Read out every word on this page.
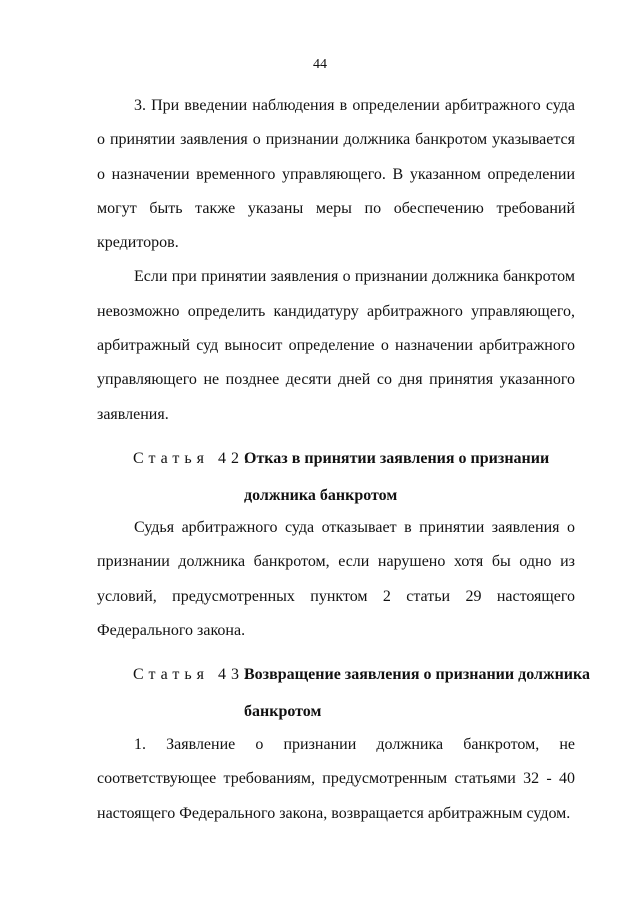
44

3. При введении наблюдения в определении арбитражного суда о принятии заявления о признании должника банкротом указывается о назначении временного управляющего. В указанном определении могут быть также указаны меры по обеспечению требований кредиторов.

Если при принятии заявления о признании должника банкротом невозможно определить кандидатуру арбитражного управляющего, арбитражный суд выносит определение о назначении арбитражного управляющего не позднее десяти дней со дня принятия указанного заявления.

Статья 42.
Отказ в принятии заявления о признании
должника банкротом

Судья арбитражного суда отказывает в принятии заявления о признании должника банкротом, если нарушено хотя бы одно из условий, предусмотренных пунктом 2 статьи 29 настоящего Федерального закона.

Статья 43.
Возвращение заявления о признании должника
банкротом

1. Заявление о признании должника банкротом, не соответствующее требованиям, предусмотренным статьями 32 - 40 настоящего Федерального закона, возвращается арбитражным судом.
